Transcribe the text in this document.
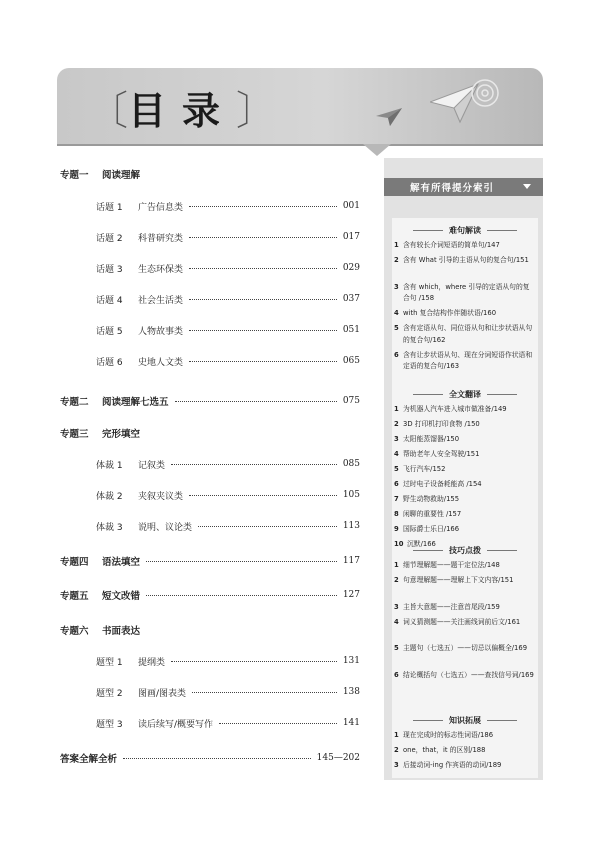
〔 目录 〕
专题一	阅读理解
话题 1	广告信息类	001
话题 2	科普研究类	017
话题 3	生态环保类	029
话题 4	社会生活类	037
话题 5	人物故事类	051
话题 6	史地人文类	065
专题二	阅读理解七选五	075
专题三	完形填空
体裁 1	记叙类	085
体裁 2	夹叙夹议类	105
体裁 3	说明、议论类	113
专题四	语法填空	117
专题五	短文改错	127
专题六	书面表达
题型 1	提纲类	131
题型 2	图画/图表类	138
题型 3	读后续写/概要写作	141
答案全解全析	145—202
解有所得提分索引
难句解读
1 含有较长介词短语的简单句/147
2 含有 What 引导的主语从句的复合句/151
3 含有 which，where 引导的定语从句的复合句 /158
4 with 复合结构作伴随状语/160
5 含有定语从句、同位语从句和让步状语从句的复合句/162
6 含有让步状语从句、现在分词短语作状语和定语的复合句/163
全文翻译
1 为机器人汽车进入城市做准备/149
2 3D 打印机打印食物 /150
3 太阳能蒸馏器/150
4 帮助老年人安全驾驶/151
5 飞行汽车/152
6 过时电子设备耗能高 /154
7 野生动物救助/155
8 闲聊的重要性 /157
9 国际爵士乐日/166
10 沉默/166
技巧点拨
1 细节理解题——题干定位法/148
2 句意理解题——理解上下文内容/151
3 主旨大意题——注意首尾段/159
4 词义猜测题——关注画线词前后文/161
5 主题句（七选五）——切忌以偏概全/169
6 结论概括句（七选五）——查找信号词/169
知识拓展
1 现在完成时的标志性词语/186
2 one，that，it 的区别/188
3 后接动词-ing 作宾语的动词/189
